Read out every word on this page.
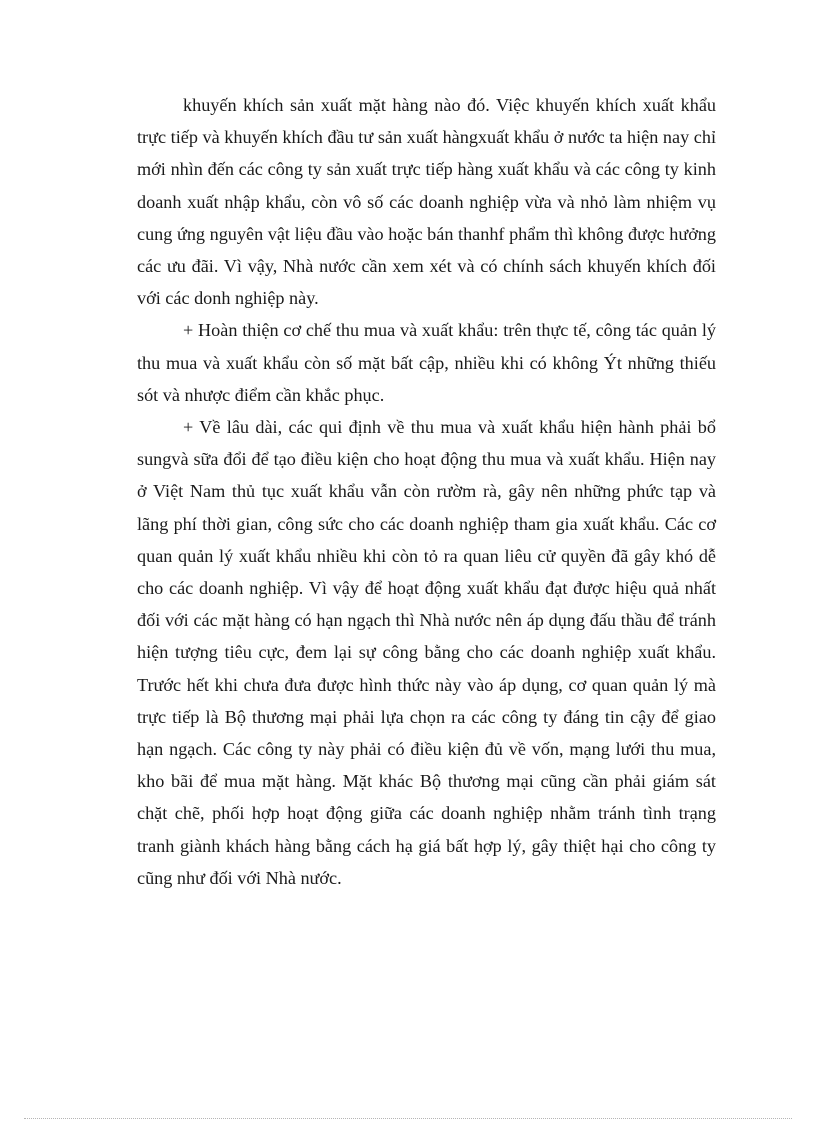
khuyến khích sản xuất mặt hàng nào đó. Việc khuyến khích xuất khẩu trực tiếp và khuyến khích đầu tư sản xuất hàngxuất khẩu ở nước ta hiện nay chỉ mới nhìn đến các công ty sản xuất trực tiếp hàng xuất khẩu và các công ty kinh doanh xuất nhập khẩu, còn vô số các doanh nghiệp vừa và nhỏ làm nhiệm vụ cung ứng nguyên vật liệu đầu vào hoặc bán thanhf phẩm thì không được hưởng các ưu đãi. Vì vậy, Nhà nước cần xem xét và có chính sách khuyến khích đối với các donh nghiệp này.

+ Hoàn thiện cơ chế thu mua và xuất khẩu: trên thực tế, công tác quản lý thu mua và xuất khẩu còn số mặt bất cập, nhiều khi có không Ýt những thiếu sót và nhược điểm cần khắc phục.

+ Về lâu dài, các qui định về thu mua và xuất khẩu hiện hành phải bổ sungvà sữa đổi để tạo điều kiện cho hoạt động thu mua và xuất khẩu. Hiện nay ở Việt Nam thủ tục xuất khẩu vẫn còn rườm rà, gây nên những phức tạp và lãng phí thời gian, công sức cho các doanh nghiệp tham gia xuất khẩu. Các cơ quan quản lý xuất khẩu nhiều khi còn tỏ ra quan liêu cử quyền đã gây khó dễ cho các doanh nghiệp. Vì vậy để hoạt động xuất khẩu đạt được hiệu quả nhất đối với các mặt hàng có hạn ngạch thì Nhà nước nên áp dụng đấu thầu để tránh hiện tượng tiêu cực, đem lại sự công bằng cho các doanh nghiệp xuất khẩu. Trước hết khi chưa đưa được hình thức này vào áp dụng, cơ quan quản lý mà trực tiếp là Bộ thương mại phải lựa chọn ra các công ty đáng tin cậy để giao hạn ngạch. Các công ty này phải có điều kiện đủ về vốn, mạng lưới thu mua, kho bãi để mua mặt hàng. Mặt khác Bộ thương mại cũng cần phải giám sát chặt chẽ, phối hợp hoạt động giữa các doanh nghiệp nhằm tránh tình trạng tranh giành khách hàng bằng cách hạ giá bất hợp lý, gây thiệt hại cho công ty cũng như đối với Nhà nước.
